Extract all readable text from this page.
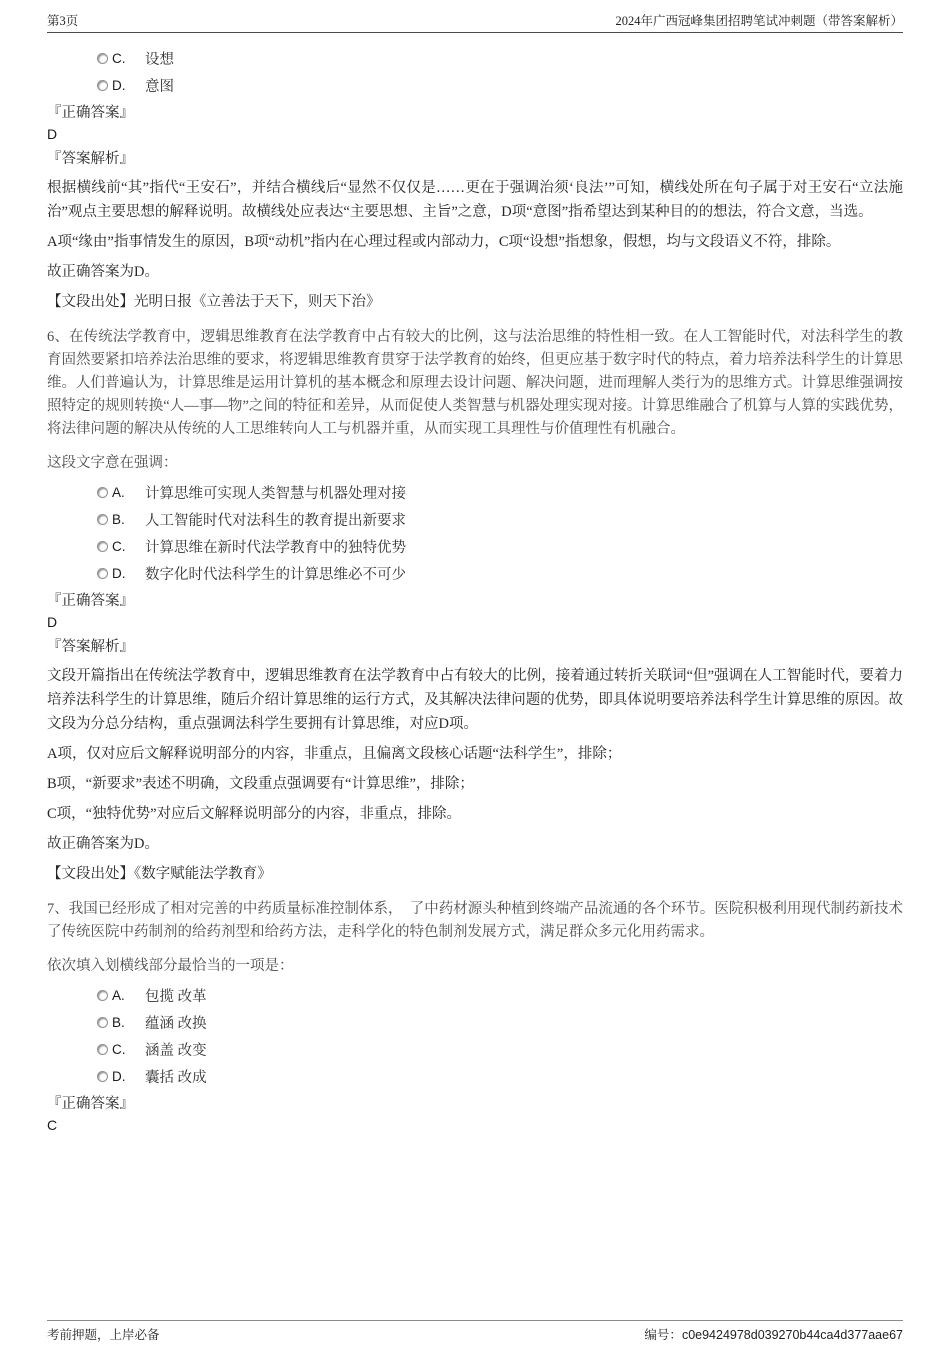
第3页	2024年广西冠峰集团招聘笔试冲刺题（带答案解析）
C.	设想
D.	意图
『正确答案』
D
『答案解析』
根据横线前“其”指代“王安石”，并结合横线后“显然不仅仅是……更在于强调治须‘良法’”可知，横线处所在句子属于对王安石“立法施治”观点主要思想的解释说明。故横线处应表达“主要思想、主旨”之意，D项“意图”指希望达到某种目的的想法，符合文意，当选。
A项“缘由”指事情发生的原因，B项“动机”指内在心理过程或内部动力，C项“设想”指想象，假想，均与文段语义不符，排除。
故正确答案为D。
【文段出处】光明日报《立善法于天下，则天下治》
6、在传统法学教育中，逻辑思维教育在法学教育中占有较大的比例，这与法治思维的特性相一致。在人工智能时代，对法科学生的教育固然要紧扣培养法治思维的要求，将逻辑思维教育贯穿于法学教育的始终，但更应基于数字时代的特点，着力培养法科学生的计算思维。人们普遍认为，计算思维是运用计算机的基本概念和原理去设计问题、解决问题，进而理解人类行为的思维方式。计算思维强调按照特定的规则转换“人—事—物”之间的特征和差异，从而促使人类智慧与机器处理实现对接。计算思维融合了机算与人算的实践优势，将法律问题的解决从传统的人工思维转向人工与机器并重，从而实现工具理性与价值理性有机融合。
这段文字意在强调：
A.	计算思维可实现人类智慧与机器处理对接
B.	人工智能时代对法科生的教育提出新要求
C.	计算思维在新时代法学教育中的独特优势
D.	数字化时代法科学生的计算思维必不可少
『正确答案』
D
『答案解析』
文段开篇指出在传统法学教育中，逻辑思维教育在法学教育中占有较大的比例，接着通过转折关联词“但”强调在人工智能时代，要着力培养法科学生的计算思维，随后介绍计算思维的运行方式，及其解决法律问题的优势，即具体说明要培养法科学生计算思维的原因。故文段为分总分结构，重点强调法科学生要拥有计算思维，对应D项。
A项，仅对应后文解释说明部分的内容，非重点，且偏离文段核心话题“法科学生”，排除；
B项，“新要求”表述不明确，文段重点强调要有“计算思维”，排除；
C项，“独特优势”对应后文解释说明部分的内容，非重点，排除。
故正确答案为D。
【文段出处】《数字赋能法学教育》
7、我国已经形成了相对完善的中药质量标准控制体系，　了中药材源头种植到终端产品流通的各个环节。医院积极利用现代制药新技术 了传统医院中药制剂的给药剂型和给药方法，走科学化的特色制剂发展方式，满足群众多元化用药需求。
依次填入划横线部分最恰当的一项是：
A.	包揽 改革
B.	蕴涵 改换
C.	涵盖 改变
D.	囊括 改成
『正确答案』
C
考前押题，上岸必备	编号：c0e9424978d039270b44ca4d377aae67
